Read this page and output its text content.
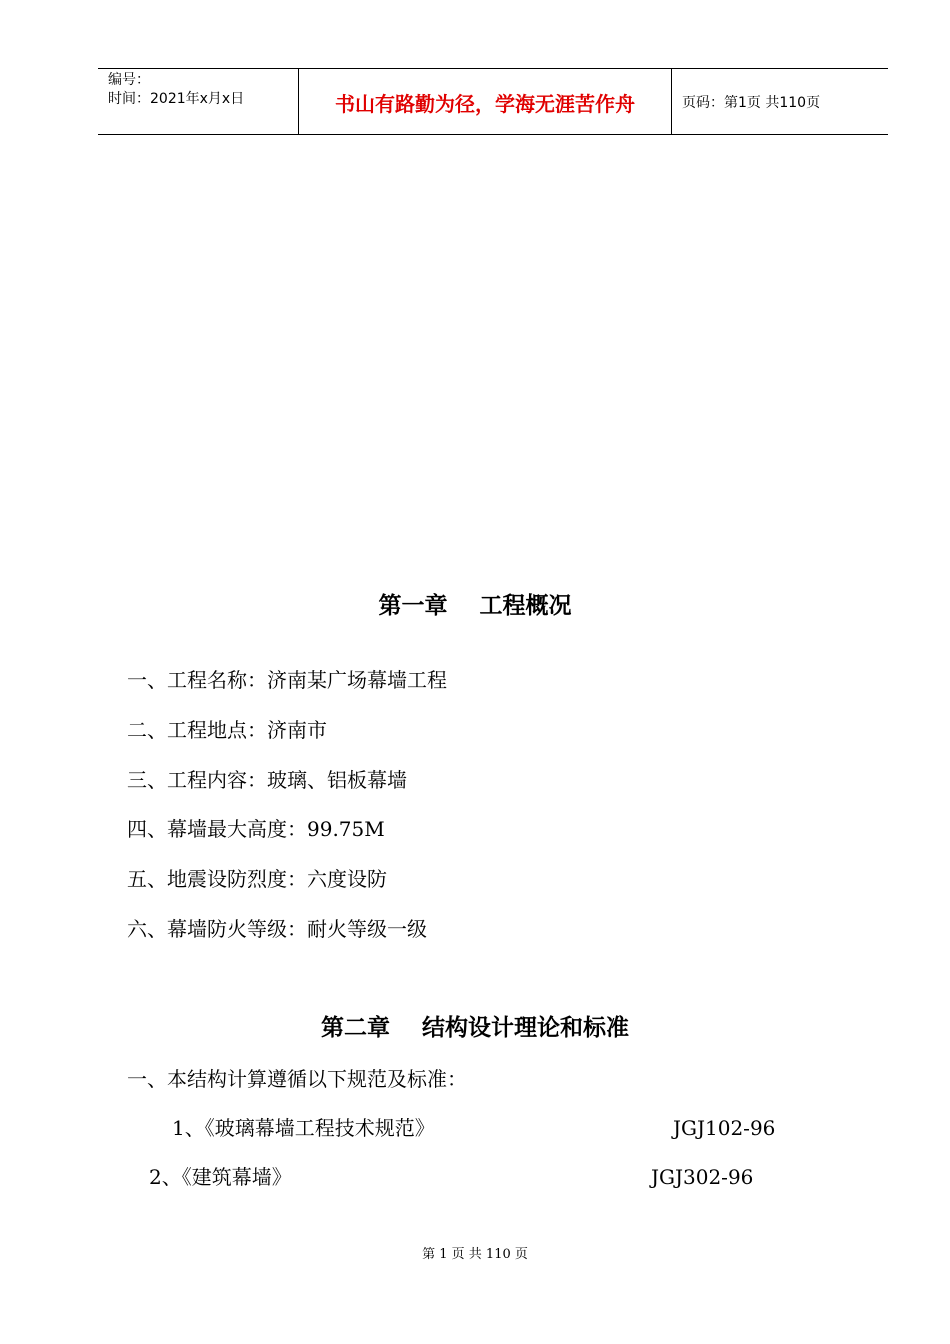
编号：
时间：2021年x月x日	书山有路勤为径，学海无涯苦作舟	页码：第1页 共110页
第一章    工程概况
一、工程名称：济南某广场幕墙工程
二、工程地点：济南市
三、工程内容：玻璃、铝板幕墙
四、幕墙最大高度：99.75M
五、地震设防烈度：六度设防
六、幕墙防火等级：耐火等级一级
第二章    结构设计理论和标准
一、本结构计算遵循以下规范及标准：
1、《玻璃幕墙工程技术规范》	JGJ102-96
2、《建筑幕墙》	JGJ302-96
第 1 页 共 110 页
